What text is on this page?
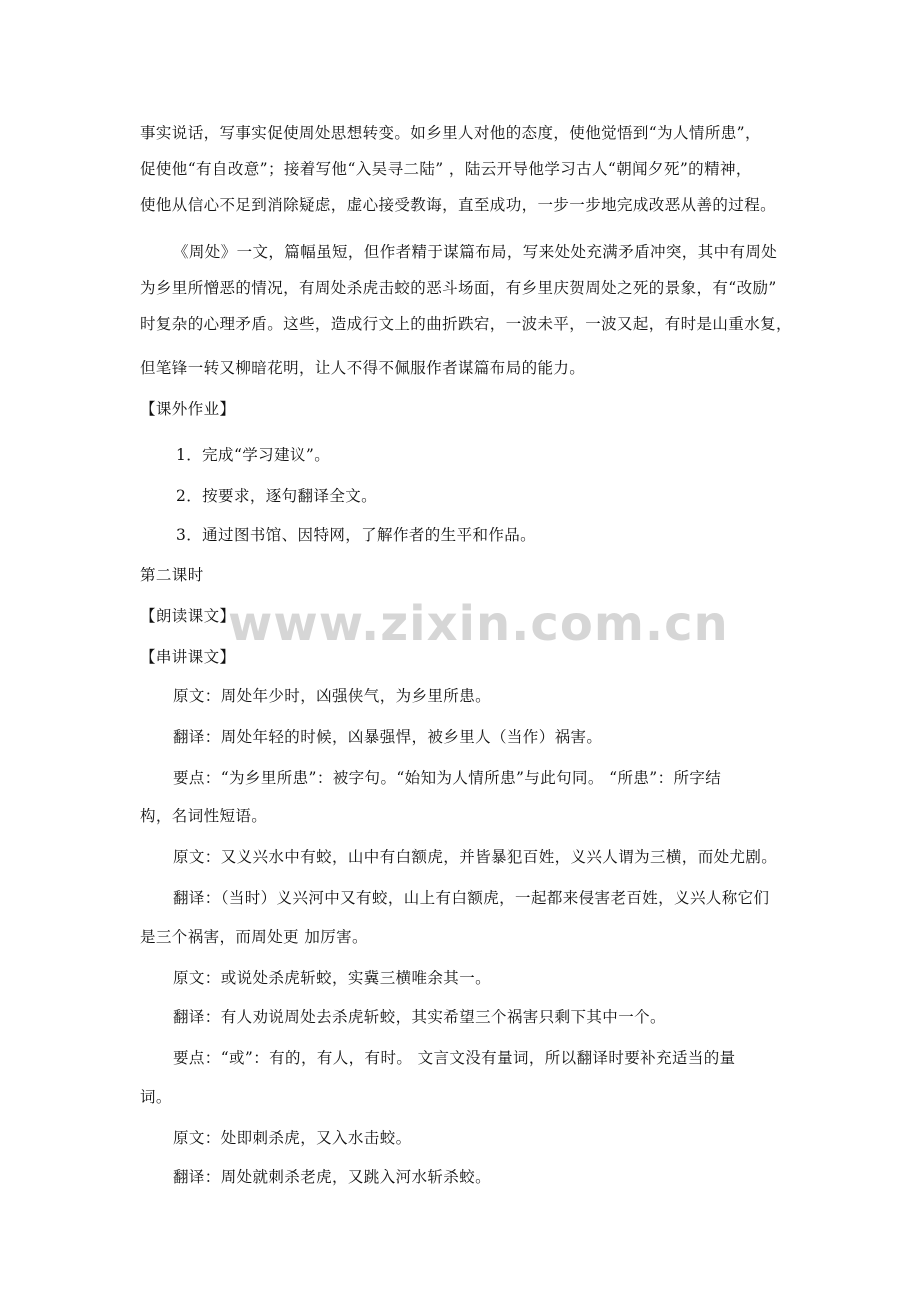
www.zixin.com.cn
事实说话，写事实促使周处思想转变。如乡里人对他的态度，使他觉悟到“为人情所患”，
促使他“有自改意”；接着写他“入吴寻二陆” ，陆云开导他学习古人“朝闻夕死”的精神，
使他从信心不足到消除疑虑，虚心接受教诲，直至成功，一步一步地完成改恶从善的过程。
《周处》一文，篇幅虽短，但作者精于谋篇布局，写来处处充满矛盾冲突，其中有周处
为乡里所憎恶的情况，有周处杀虎击蛟的恶斗场面，有乡里庆贺周处之死的景象，有“改励”
时复杂的心理矛盾。这些，造成行文上的曲折跌宕，一波未平，一波又起，有时是山重水复，
但笔锋一转又柳暗花明，让人不得不佩服作者谋篇布局的能力。
【课外作业】
1．完成“学习建议”。
2．按要求，逐句翻译全文。
3．通过图书馆、因特网，了解作者的生平和作品。
第二课时
【朗读课文】
【串讲课文】
原文：周处年少时，凶强侠气，为乡里所患。
翻译：周处年轻的时候，凶暴强悍，被乡里人（当作）祸害。
要点：“为乡里所患”：被字句。“始知为人情所患”与此句同。 “所患”：所字结
构，名词性短语。
原文：又义兴水中有蛟，山中有白额虎，并皆暴犯百姓，义兴人谓为三横，而处尤剧。
翻译：（当时）义兴河中又有蛟，山上有白额虎，一起都来侵害老百姓，义兴人称它们
是三个祸害，而周处更 加厉害。
原文：或说处杀虎斩蛟，实冀三横唯余其一。
翻译：有人劝说周处去杀虎斩蛟，其实希望三个祸害只剩下其中一个。
要点：“或”：有的，有人，有时。 文言文没有量词，所以翻译时要补充适当的量
词。
原文：处即刺杀虎，又入水击蛟。
翻译：周处就刺杀老虎，又跳入河水斩杀蛟。
